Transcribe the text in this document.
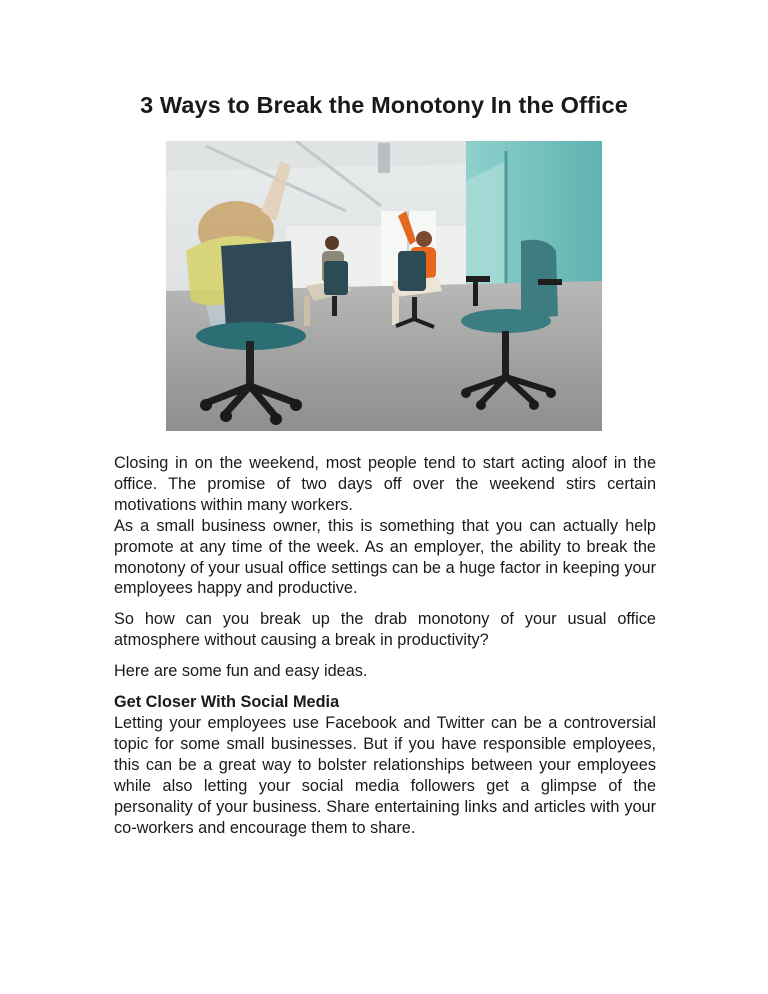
3 Ways to Break the Monotony In the Office

Closing in on the weekend, most people tend to start acting aloof in the office. The promise of two days off over the weekend stirs certain motivations within many workers.

As a small business owner, this is something that you can actually help promote at any time of the week. As an employer, the ability to break the monotony of your usual office settings can be a huge factor in keeping your employees happy and productive.

So how can you break up the drab monotony of your usual office atmosphere without causing a break in productivity?

Here are some fun and easy ideas.

Get Closer With Social Media

Letting your employees use Facebook and Twitter can be a controversial topic for some small businesses. But if you have responsible employees, this can be a great way to bolster relationships between your employees while also letting your social media followers get a glimpse of the personality of your business. Share entertaining links and articles with your co-workers and encourage them to share.
